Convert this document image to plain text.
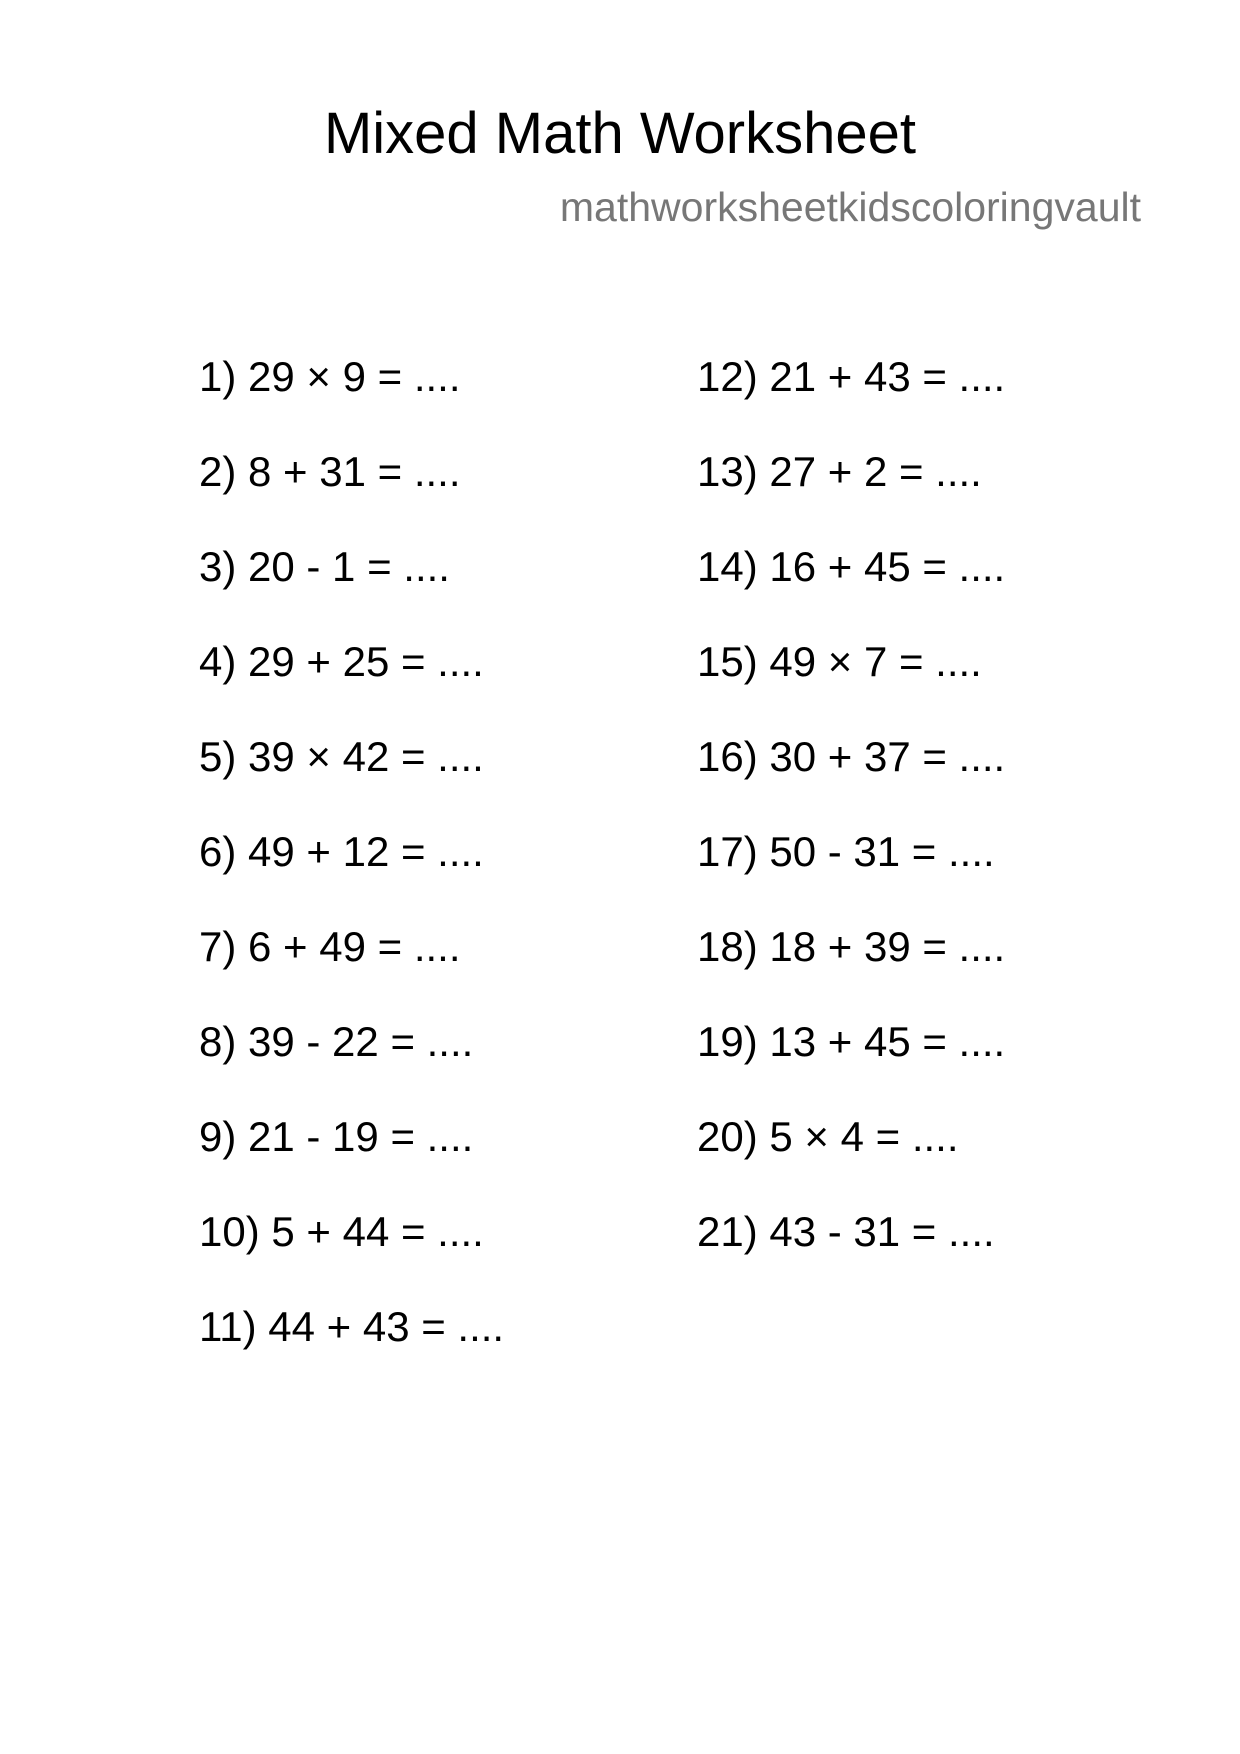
Mixed Math Worksheet
mathworksheetkidscoloringvault
1) 29 × 9 = ....
2) 8 + 31 = ....
3) 20 - 1 = ....
4) 29 + 25 = ....
5) 39 × 42 = ....
6) 49 + 12 = ....
7) 6 + 49 = ....
8) 39 - 22 = ....
9) 21 - 19 = ....
10) 5 + 44 = ....
11) 44 + 43 = ....
12) 21 + 43 = ....
13) 27 + 2 = ....
14) 16 + 45 = ....
15) 49 × 7 = ....
16) 30 + 37 = ....
17) 50 - 31 = ....
18) 18 + 39 = ....
19) 13 + 45 = ....
20) 5 × 4 = ....
21) 43 - 31 = ....
